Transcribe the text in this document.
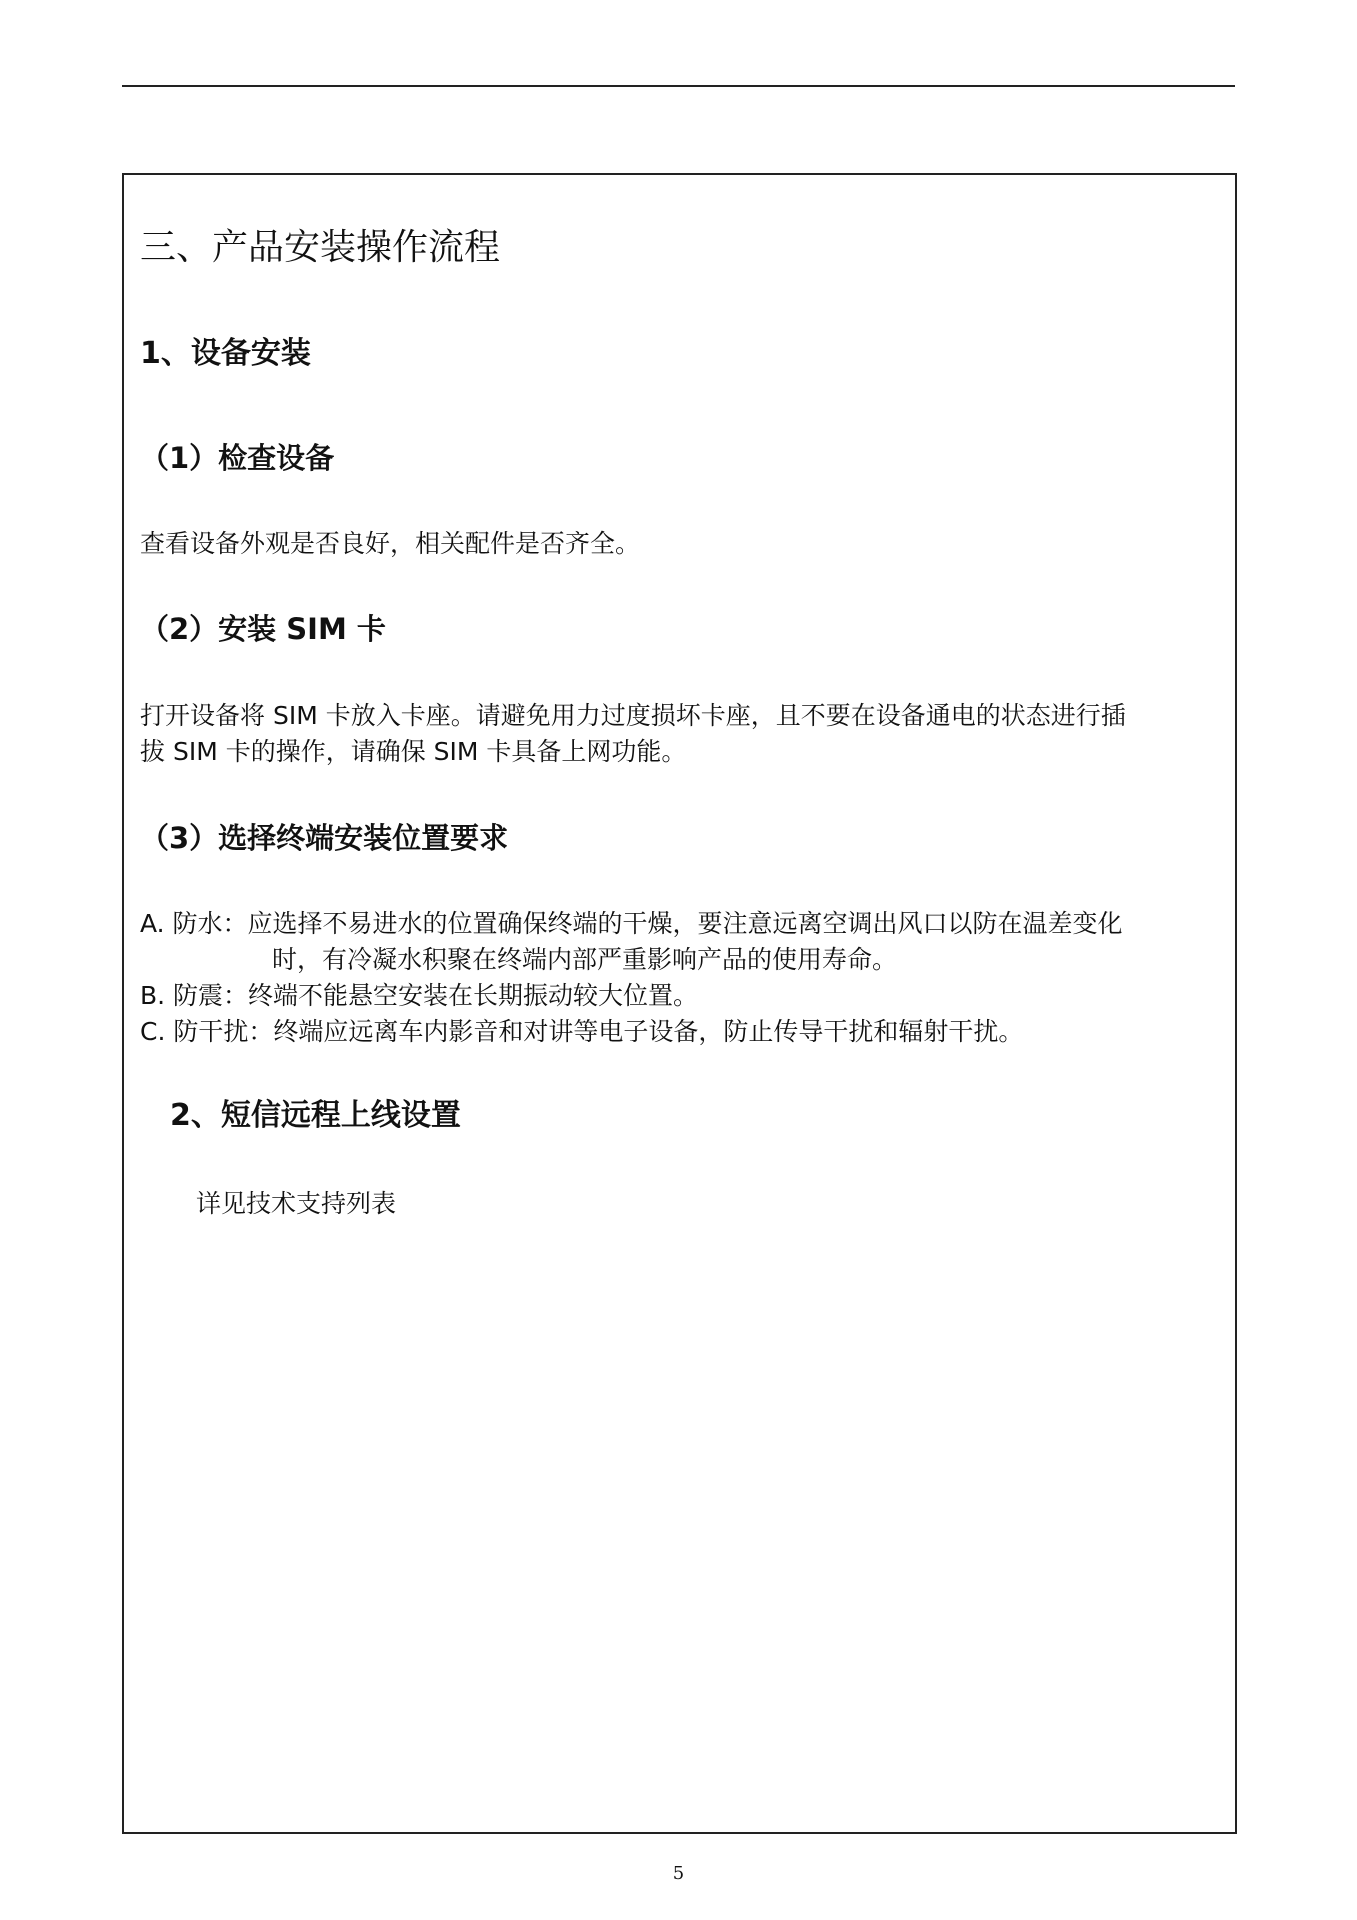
三、产品安装操作流程
1、设备安装
（1）检查设备
查看设备外观是否良好，相关配件是否齐全。
（2）安装 SIM 卡
打开设备将 SIM 卡放入卡座。请避免用力过度损坏卡座，且不要在设备通电的状态进行插
拔 SIM 卡的操作，请确保 SIM 卡具备上网功能。
（3）选择终端安装位置要求
A. 防水：应选择不易进水的位置确保终端的干燥，要注意远离空调出风口以防在温差变化
时，有冷凝水积聚在终端内部严重影响产品的使用寿命。
B. 防震：终端不能悬空安装在长期振动较大位置。
C. 防干扰：终端应远离车内影音和对讲等电子设备，防止传导干扰和辐射干扰。
2、短信远程上线设置
详见技术支持列表
5
